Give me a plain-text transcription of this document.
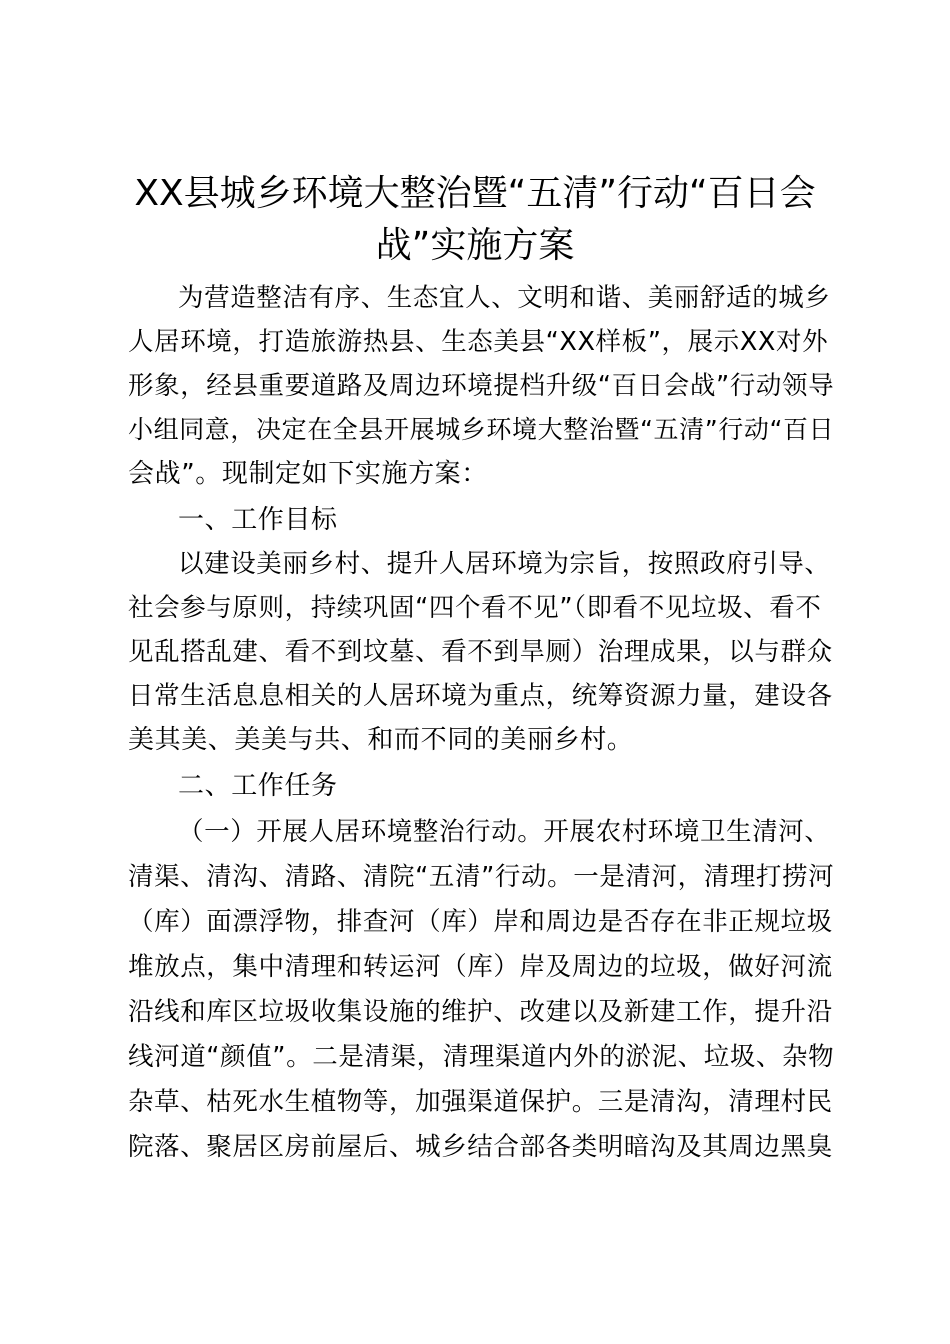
XX县城乡环境大整治暨“五清”行动“百日会
战”实施方案
为营造整洁有序、生态宜人、文明和谐、美丽舒适的城乡
人居环境，打造旅游热县、生态美县“XX样板”，展示XX对外
形象，经县重要道路及周边环境提档升级“百日会战”行动领导
小组同意，决定在全县开展城乡环境大整治暨“五清”行动“百日
会战”。现制定如下实施方案：
一、工作目标
以建设美丽乡村、提升人居环境为宗旨，按照政府引导、
社会参与原则，持续巩固“四个看不见”（即看不见垃圾、看不
见乱搭乱建、看不到坟墓、看不到旱厕）治理成果，以与群众
日常生活息息相关的人居环境为重点，统筹资源力量，建设各
美其美、美美与共、和而不同的美丽乡村。
二、工作任务
（一）开展人居环境整治行动。开展农村环境卫生清河、
清渠、清沟、清路、清院“五清”行动。一是清河，清理打捞河
（库）面漂浮物，排查河（库）岸和周边是否存在非正规垃圾
堆放点，集中清理和转运河（库）岸及周边的垃圾，做好河流
沿线和库区垃圾收集设施的维护、改建以及新建工作，提升沿
线河道“颜值”。二是清渠，清理渠道内外的淤泥、垃圾、杂物
杂草、枯死水生植物等，加强渠道保护。三是清沟，清理村民
院落、聚居区房前屋后、城乡结合部各类明暗沟及其周边黑臭
